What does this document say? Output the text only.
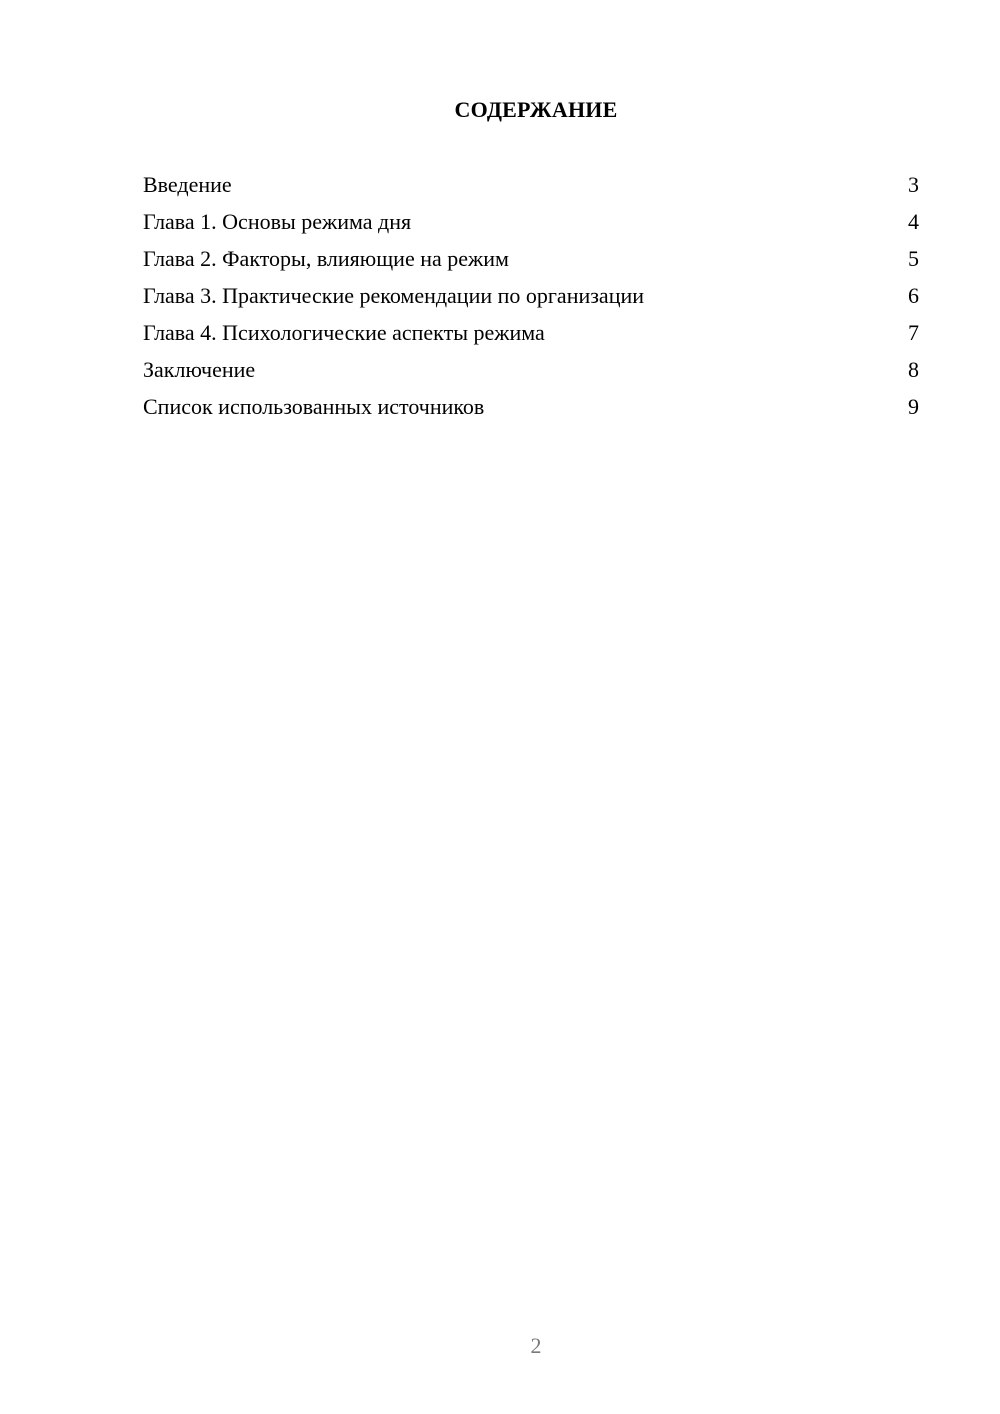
СОДЕРЖАНИЕ
Введение	3
Глава 1. Основы режима дня	4
Глава 2. Факторы, влияющие на режим	5
Глава 3. Практические рекомендации по организации	6
Глава 4. Психологические аспекты режима	7
Заключение	8
Список использованных источников	9
2
